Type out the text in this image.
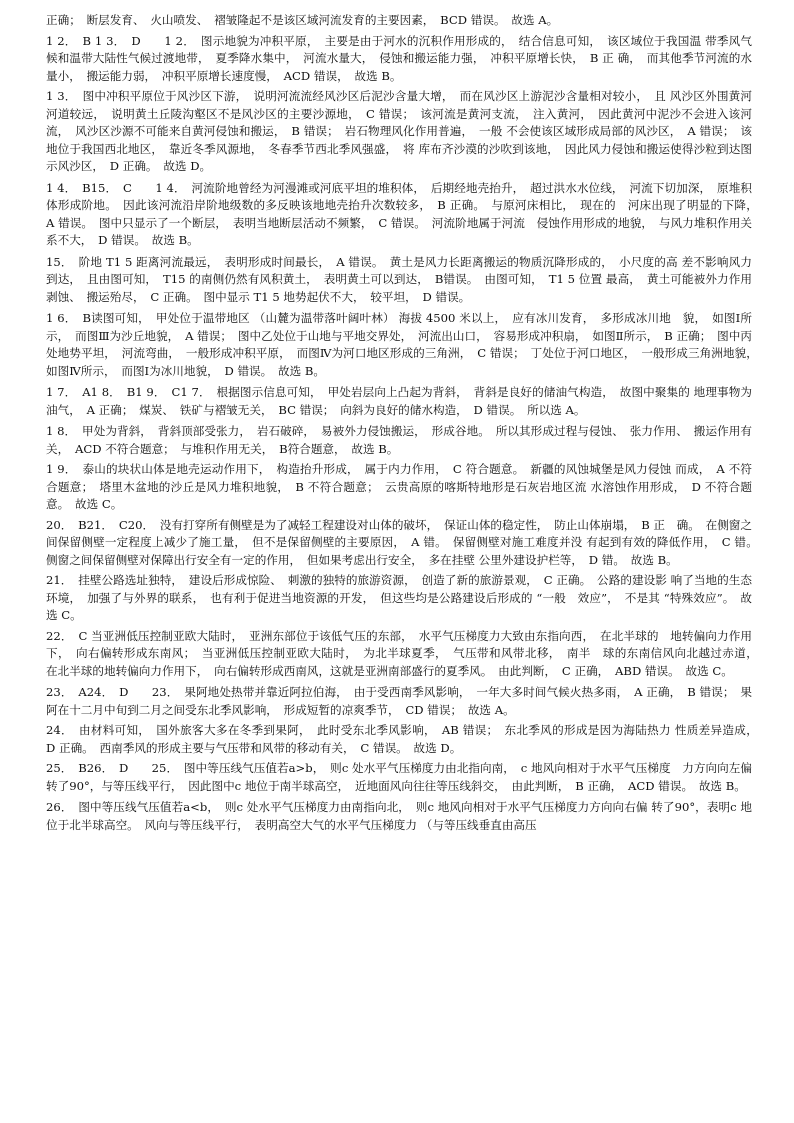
正确；　断层发育、　火山喷发、　褶皱隆起不是该区域河流发育的主要因素，　BCD 错误。　故选 A。

1 2．　B 1 3．　D　　1 2．　图示地貌为冲积平原，　主要是由于河水的沉积作用形成的，　结合信息可知，　该区域位于我国温 带季风气候和温带大陆性气候过渡地带，　夏季降水集中，　河流水量大，　侵蚀和搬运能力强，　冲积平原增长快，　B 正 确，　而其他季节河流的水量小，　搬运能力弱，　冲积平原增长速度慢，　ACD 错误，　故选 B。

1 3．　图中冲积平原位于风沙区下游，　说明河流流经风沙区后泥沙含量大增，　而在风沙区上游泥沙含量相对较小，　且 风沙区外围黄河河道较远，　说明黄土丘陵沟壑区不是风沙区的主要沙源地，　C 错误；　该河流是黄河支流，　注入黄河，　因此黄河中泥沙不会进入该河流，　风沙区沙源不可能来自黄河侵蚀和搬运，　B 错误；　岩石物理风化作用普遍，　一般 不会使该区域形成局部的风沙区，　A 错误；　该地位于我国西北地区，　靠近冬季风源地，　冬春季节西北季风强盛，　将 库布齐沙漠的沙吹到该地，　因此风力侵蚀和搬运使得沙粒到达图示风沙区，　D 正确。　故选 D。

1 4．　B15．　C　　1 4．　河流阶地曾经为河漫滩或河底平坦的堆积体，　后期经地壳抬升，　超过洪水水位线，　河流下切加深，　原堆积体形成阶地。　因此该河流沿岸阶地级数的多反映该地地壳抬升次数较多，　B 正确。　与原河床相比，　现在的　河床出现了明显的下降，　A 错误。　图中只显示了一个断层，　表明当地断层活动不频繁，　C 错误。　河流阶地属于河流　侵蚀作用形成的地貌，　与风力堆积作用关系不大，　D 错误。　故选 B。

15．　阶地 T1 5 距离河流最远，　表明形成时间最长，　A 错误。　黄土是风力长距离搬运的物质沉降形成的，　小尺度的高 差不影响风力到达，　且由图可知，　T15 的南侧仍然有风积黄土，　表明黄土可以到达，　B错误。　由图可知，　T1 5 位置 最高，　黄土可能被外力作用剥蚀、　搬运殆尽，　C 正确。　图中显示 T1 5 地势起伏不大，　较平坦，　D 错误。

1 6．　B读图可知，　甲处位于温带地区 （山麓为温带落叶阔叶林） 海拔 4500 米以上，　应有冰川发育，　多形成冰川地　貌，　如图Ⅰ所示，　而图Ⅲ为沙丘地貌，　A 错误；　图中乙处位于山地与平地交界处，　河流出山口，　容易形成冲积扇，　如图Ⅱ所示，　B 正确；　图中丙处地势平坦，　河流弯曲，　一般形成冲积平原，　而图Ⅳ为河口地区形成的三角洲，　C 错误；　丁处位于河口地区，　一般形成三角洲地貌，　如图Ⅳ所示，　而图Ⅰ为冰川地貌，　D 错误。　故选 B。

1 7．　A1 8．　B1 9．　C1 7．　根据图示信息可知，　甲处岩层向上凸起为背斜，　背斜是良好的储油气构造，　故图中聚集的 地理事物为油气，　A 正确；　煤炭、　铁矿与褶皱无关，　BC 错误；　向斜为良好的储水构造，　D 错误。　所以选 A。

1 8．　甲处为背斜，　背斜顶部受张力，　岩石破碎，　易被外力侵蚀搬运，　形成谷地。　所以其形成过程与侵蚀、　张力作用、　搬运作用有关，　ACD 不符合题意；　与堆积作用无关，　B符合题意，　故选 B。

1 9．　泰山的块状山体是地壳运动作用下，　构造抬升形成，　属于内力作用，　C 符合题意。　新疆的风蚀城堡是风力侵蚀 而成，　A 不符合题意；　塔里木盆地的沙丘是风力堆积地貌，　B 不符合题意；　云贵高原的喀斯特地形是石灰岩地区流 水溶蚀作用形成，　D 不符合题意。　故选 C。

20．　B21．　C20．　没有打穿所有侧壁是为了减轻工程建设对山体的破坏，　保证山体的稳定性，　防止山体崩塌，　B 正　确。　在侧窗之间保留侧壁一定程度上减少了施工量，　但不是保留侧壁的主要原因，　A 错。　保留侧壁对施工难度并没 有起到有效的降低作用，　C 错。　侧窗之间保留侧壁对保障出行安全有一定的作用，　但如果考虑出行安全，　多在挂壁 公里外建设护栏等，　D 错。　故选 B。

21．　挂壁公路选址独特，　建设后形成惊险、　刺激的独特的旅游资源，　创造了新的旅游景观，　C 正确。　公路的建设影 响了当地的生态环境，　加强了与外界的联系，　也有利于促进当地资源的开发，　但这些均是公路建设后形成的 “一般　效应”，　不是其 “特殊效应”。　故选 C。

22．　C 当亚洲低压控制亚欧大陆时，　亚洲东部位于该低气压的东部，　水平气压梯度力大致由东指向西，　在北半球的　地转偏向力作用下，　向右偏转形成东南风；　当亚洲低压控制亚欧大陆时，　为北半球夏季，　气压带和风带北移，　南半　球的东南信风向北越过赤道，　在北半球的地转偏向力作用下，　向右偏转形成西南风，这就是亚洲南部盛行的夏季风。　由此判断，　C 正确，　ABD 错误。　故选 C。

23．　A24．　D　　23．　果阿地处热带并靠近阿拉伯海，　由于受西南季风影响，　一年大多时间气候火热多雨，　A 正确，　B 错误；　果阿在十二月中旬到二月之间受东北季风影响，　形成短暂的凉爽季节，　CD 错误；　故选 A。

24．　由材料可知，　国外旅客大多在冬季到果阿，　此时受东北季风影响，　AB 错误；　东北季风的形成是因为海陆热力 性质差异造成，　D 正确。　西南季风的形成主要与气压带和风带的移动有关，　C 错误。　故选 D。

25．　B26．　D　　25．　图中等压线气压值若a>b，　则c 处水平气压梯度力由北指向南，　c 地风向相对于水平气压梯度　力方向向左偏转了90°，与等压线平行，　因此图中c 地位于南半球高空，　近地面风向往往等压线斜交，　由此判断，　B 正确，　ACD 错误。　故选 B。

26．　图中等压线气压值若a<b，　则c 处水平气压梯度力由南指向北，　则c 地风向相对于水平气压梯度力方向向右偏 转了90°，表明c 地位于北半球高空。　风向与等压线平行，　表明高空大气的水平气压梯度力 （与等压线垂直由高压
